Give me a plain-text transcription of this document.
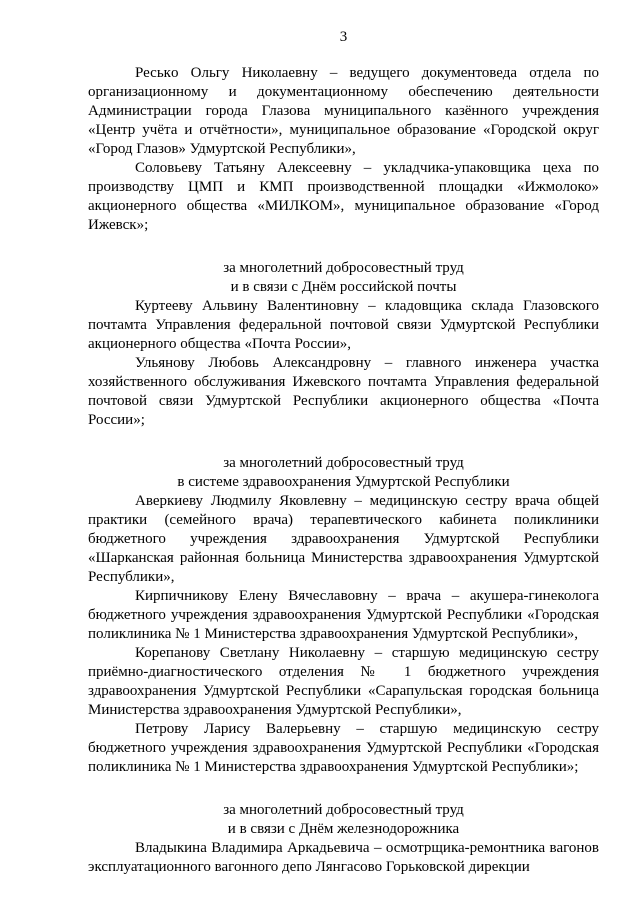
3

Реськo Ольгу Николаевну – ведущего документоведа отдела по организационному и документационному обеспечению деятельности Администрации города Глазова муниципального казённого учреждения «Центр учёта и отчётности», муниципальное образование «Городской округ «Город Глазов» Удмуртской Республики»,

Соловьеву Татьяну Алексеевну – укладчика-упаковщика цеха по производству ЦМП и КМП производственной площадки «Ижмолоко» акционерного общества «МИЛКОМ», муниципальное образование «Город Ижевск»;

за многолетний добросовестный труд
и в связи с Днём российской почты

Куртееву Альвину Валентиновну – кладовщика склада Глазовского почтамта Управления федеральной почтовой связи Удмуртской Республики акционерного общества «Почта России»,

Ульянову Любовь Александровну – главного инженера участка хозяйственного обслуживания Ижевского почтамта Управления федеральной почтовой связи Удмуртской Республики акционерного общества «Почта России»;

за многолетний добросовестный труд
в системе здравоохранения Удмуртской Республики

Аверкиеву Людмилу Яковлевну – медицинскую сестру врача общей практики (семейного врача) терапевтического кабинета поликлиники бюджетного учреждения здравоохранения Удмуртской Республики «Шарканская районная больница Министерства здравоохранения Удмуртской Республики»,

Кирпичникову Елену Вячеславовну – врача – акушера-гинеколога бюджетного учреждения здравоохранения Удмуртской Республики «Городская поликлиника № 1 Министерства здравоохранения Удмуртской Республики»,

Корепанову Светлану Николаевну – старшую медицинскую сестру приёмно-диагностического отделения № 1 бюджетного учреждения здравоохранения Удмуртской Республики «Сарапульская городская больница Министерства здравоохранения Удмуртской Республики»,

Петрову Ларису Валерьевну – старшую медицинскую сестру бюджетного учреждения здравоохранения Удмуртской Республики «Городская поликлиника № 1 Министерства здравоохранения Удмуртской Республики»;

за многолетний добросовестный труд
и в связи с Днём железнодорожника

Владыкина Владимира Аркадьевича – осмотрщика-ремонтника вагонов эксплуатационного вагонного депо Лянгасово Горьковской дирекции
